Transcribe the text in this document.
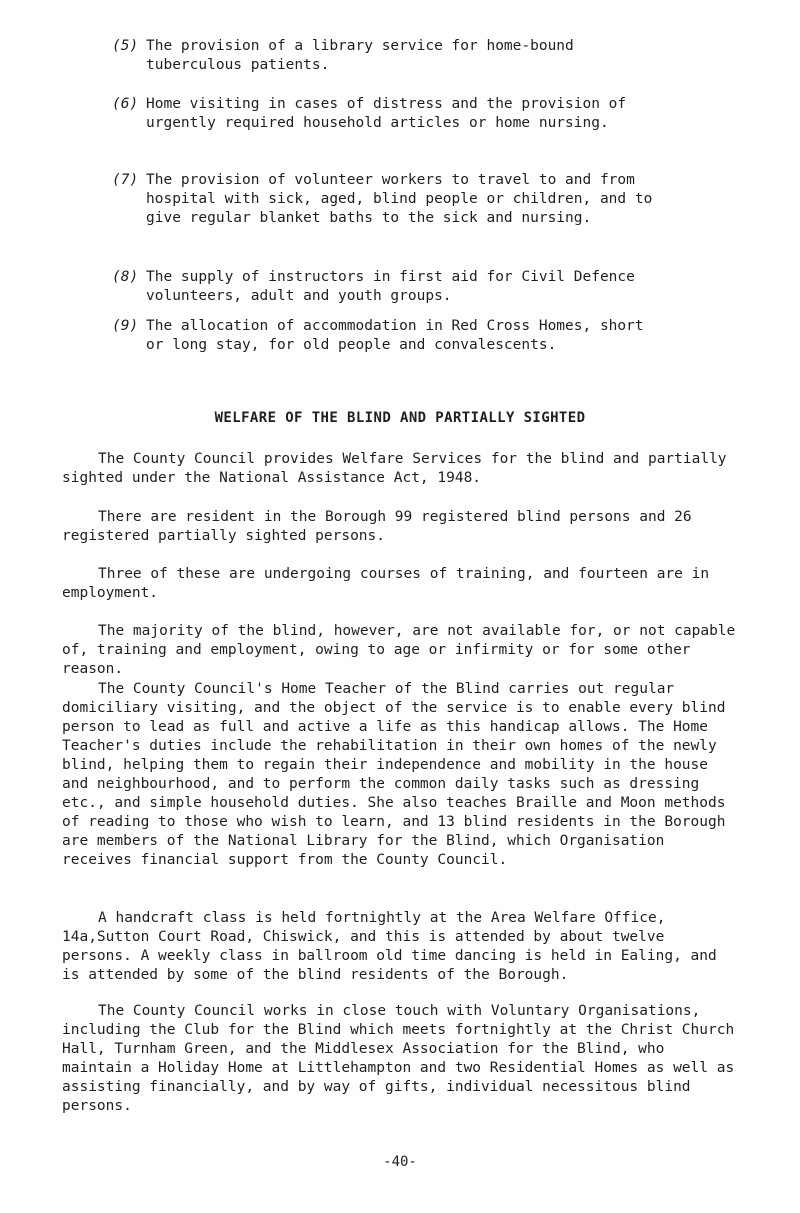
(5) The provision of a library service for home-bound tuberculous patients.
(6) Home visiting in cases of distress and the provision of urgently required household articles or home nursing.
(7) The provision of volunteer workers to travel to and from hospital with sick, aged, blind people or children, and to give regular blanket baths to the sick and nursing.
(8) The supply of instructors in first aid for Civil Defence volunteers, adult and youth groups.
(9) The allocation of accommodation in Red Cross Homes, short or long stay, for old people and convalescents.
WELFARE OF THE BLIND AND PARTIALLY SIGHTED

The County Council provides Welfare Services for the blind and partially sighted under the National Assistance Act, 1948.

There are resident in the Borough 99 registered blind persons and 26 registered partially sighted persons.

Three of these are undergoing courses of training, and fourteen are in employment.

The majority of the blind, however, are not available for, or not capable of, training and employment, owing to age or infirmity or for some other reason.

The County Council's Home Teacher of the Blind carries out regular domiciliary visiting, and the object of the service is to enable every blind person to lead as full and active a life as this handicap allows. The Home Teacher's duties include the rehabilitation in their own homes of the newly blind, helping them to regain their independence and mobility in the house and neighbourhood, and to perform the common daily tasks such as dressing etc., and simple household duties. She also teaches Braille and Moon methods of reading to those who wish to learn, and 13 blind residents in the Borough are members of the National Library for the Blind, which Organisation receives financial support from the County Council.

A handcraft class is held fortnightly at the Area Welfare Office, 14a,Sutton Court Road, Chiswick, and this is attended by about twelve persons. A weekly class in ballroom old time dancing is held in Ealing, and is attended by some of the blind residents of the Borough.

The County Council works in close touch with Voluntary Organisations, including the Club for the Blind which meets fortnightly at the Christ Church Hall, Turnham Green, and the Middlesex Association for the Blind, who maintain a Holiday Home at Littlehampton and two Residential Homes as well as assisting financially, and by way of gifts, individual necessitous blind persons.

-40-
